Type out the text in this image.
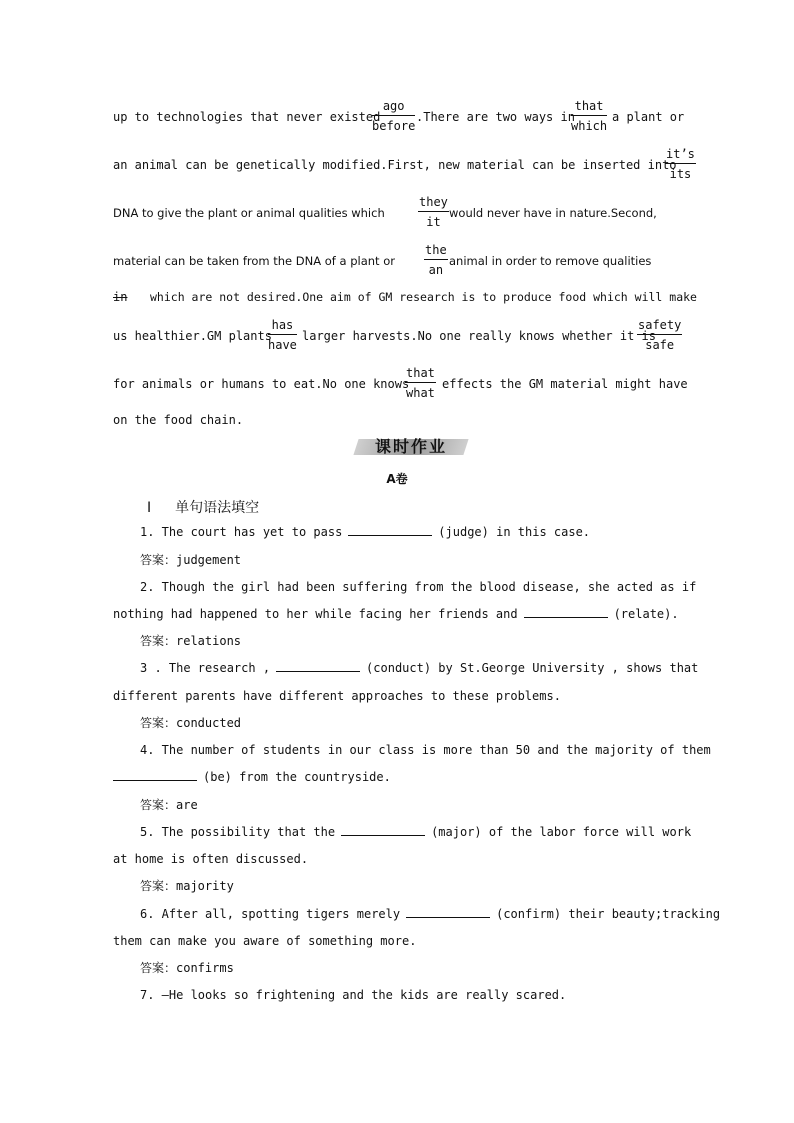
up to technologies that never existed
ago
before
.There are two ways in
that
which
a plant or
an animal can be genetically modified.First, new material can be inserted into
it’s
its
DNA to give the plant or animal qualities which
they
it
would never have in nature.Second,
material can be taken from the DNA of a plant or
the
an
animal in order to remove qualities
in which are not desired.One aim of GM research is to produce food which will make
us healthier.GM plants
has
have
larger harvests.No one really knows whether it is
safety
safe
for animals or humans to eat.No one knows
that
what
effects the GM material might have
on the food chain.
课时作业
A卷
Ⅰ 单句语法填空
1. The court has yet to pass	(judge) in this case.
答案：judgement
2. Though the girl had been suffering from the blood disease, she acted as if
nothing had happened to her while facing her friends and	(relate).
答案：relations
3 . The research ,	(conduct) by St.George University , shows that
different parents have different approaches to these problems.
答案：conducted
4. The number of students in our class is more than 50 and the majority of them
(be) from the countryside.
答案：are
5. The possibility that the	(major) of the labor force will work
at home is often discussed.
答案：majority
6. After all, spotting tigers merely	(confirm) their beauty;tracking
them can make you aware of something more.
答案：confirms
7. —He looks so frightening and the kids are really scared.
